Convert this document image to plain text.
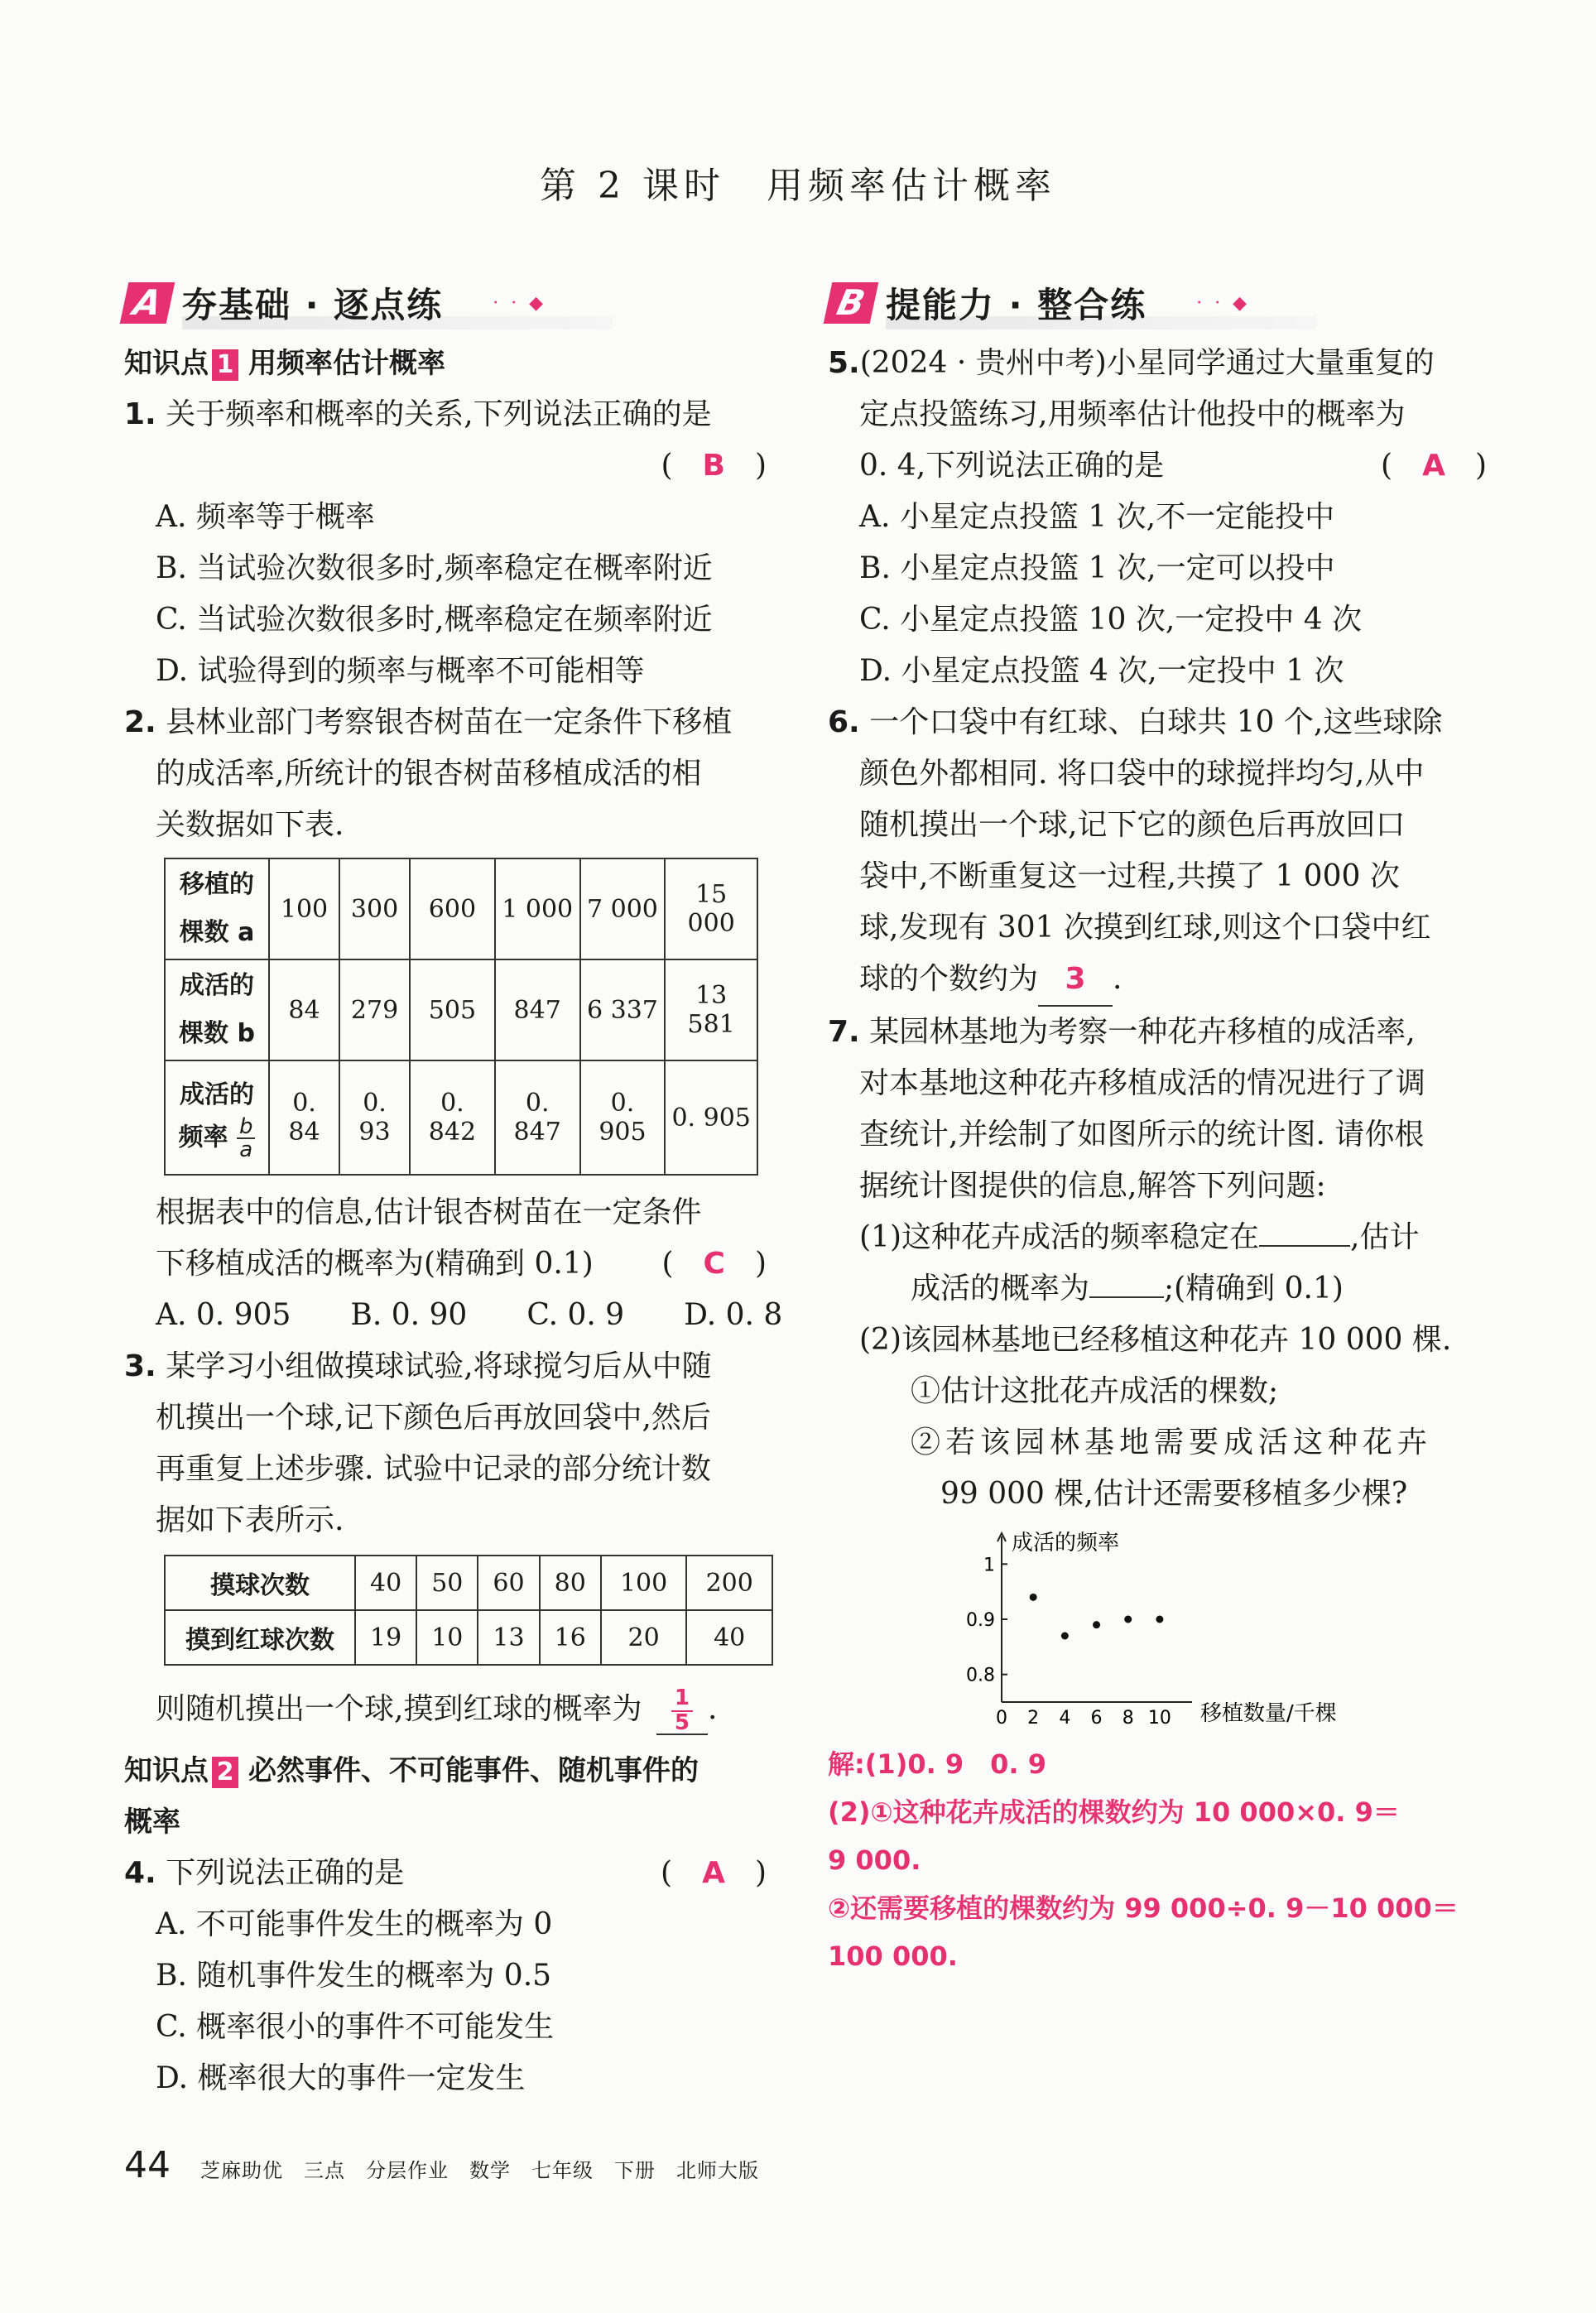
第 2 课时　用频率估计概率
A 夯基础 · 逐点练	· · ◆	B 提能力 · 整合练	· · ◆
知识点 1 用频率估计概率
1. 关于频率和概率的关系,下列说法正确的是
(　B　)
A. 频率等于概率
B. 当试验次数很多时,频率稳定在概率附近
C. 当试验次数很多时,概率稳定在频率附近
D. 试验得到的频率与概率不可能相等
2. 县林业部门考察银杏树苗在一定条件下移植
的成活率,所统计的银杏树苗移植成活的相
关数据如下表.
移植的
棵数 a	100	300	600	1 000	7 000	15 000
成活的
棵数 b	84	279	505	847	6 337	13 581
成活的
频率 $\frac{b}{a}$	0. 84	0. 93	0. 842	0. 847	0. 905	0. 905
根据表中的信息,估计银杏树苗在一定条件
下移植成活的概率为(精确到 0.1) (　C　)
A. 0. 905　　B. 0. 90　　C. 0. 9　　D. 0. 8
3. 某学习小组做摸球试验,将球搅匀后从中随
机摸出一个球,记下颜色后再放回袋中,然后
再重复上述步骤. 试验中记录的部分统计数
据如下表所示.
摸球次数	40	50	60	80	100	200
摸到红球次数	19	10	13	16	20	40
则随机摸出一个球,摸到红球的概率为 $\frac{1}{5}$ .
知识点 2 必然事件、不可能事件、随机事件的
概率
4. 下列说法正确的是	(　A　)
A. 不可能事件发生的概率为 0
B. 随机事件发生的概率为 0.5
C. 概率很小的事件不可能发生
D. 概率很大的事件一定发生
5.(2024 · 贵州中考)小星同学通过大量重复的
定点投篮练习,用频率估计他投中的概率为
0. 4,下列说法正确的是	(　A　)
A. 小星定点投篮 1 次,不一定能投中
B. 小星定点投篮 1 次,一定可以投中
C. 小星定点投篮 10 次,一定投中 4 次
D. 小星定点投篮 4 次,一定投中 1 次
6. 一个口袋中有红球、白球共 10 个,这些球除
颜色外都相同. 将口袋中的球搅拌均匀,从中
随机摸出一个球,记下它的颜色后再放回口
袋中,不断重复这一过程,共摸了 1 000 次
球,发现有 301 次摸到红球,则这个口袋中红
球的个数约为 3 .
7. 某园林基地为考察一种花卉移植的成活率,
对本基地这种花卉移植成活的情况进行了调
查统计,并绘制了如图所示的统计图. 请你根
据统计图提供的信息,解答下列问题:
(1)这种花卉成活的频率稳定在	,估计
成活的概率为	;(精确到 0.1)
(2)该园林基地已经移植这种花卉 10 000 棵.
①估计这批花卉成活的棵数;
②若该园林基地需要成活这种花卉
99 000 棵,估计还需要移植多少棵?
成活的频率
移植数量/千棵
0 2 4 6 8 10
0.8
0.9
1
解:(1)0. 9　0. 9
(2)①这种花卉成活的棵数约为 10 000×0. 9＝
9 000.
②还需要移植的棵数约为 99 000÷0. 9－10 000＝
100 000.
44 芝麻助优　三点　分层作业　数学　七年级　下册　北师大版
